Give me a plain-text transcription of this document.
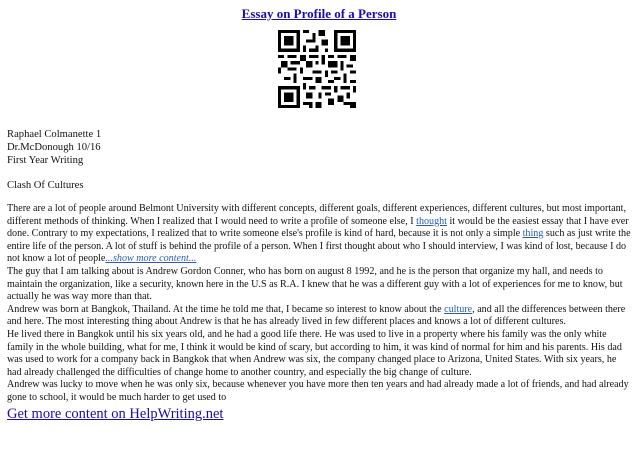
Essay on Profile of a Person
Raphael Colmanette 1
Dr.McDonough 10/16
First Year Writing
Clash Of Cultures

There are a lot of people around Belmont University with different concepts, different goals, different experiences, different cultures, but most important, different methods of thinking. When I realized that I would need to write a profile of someone else, I thought it would be the easiest essay that I have ever done. Contrary to my expectations, I realized that to write someone else's profile is kind of hard, because it is not only a simple thing such as just write the entire life of the person. A lot of stuff is behind the profile of a person. When I first thought about who I should interview, I was kind of lost, because I do not know a lot of people...show more content...

The guy that I am talking about is Andrew Gordon Conner, who has born on august 8 1992, and he is the person that organize my hall, and needs to maintain the organization, like a security, known here in the U.S as R.A. I knew that he was a different guy with a lot of experiences for me to know, but actually he was way more than that.

Andrew was born at Bangkok, Thailand. At the time he told me that, I became so interest to know about the culture, and all the differences between there and here. The most interesting thing about Andrew is that he has already lived in few different places and knows a lot of different cultures.

He lived there in Bangkok until his six years old, and he had a good life there. He was used to live in a property where his family was the only white family in the whole building, what for me, I think it would be kind of scary, but according to him, it was kind of normal for him and his parents. His dad was used to work for a company back in Bangkok that when Andrew was six, the company changed place to Arizona, United States. With six years, he had already challenged the difficulties of change home to another country, and especially the big change of culture.

Andrew was lucky to move when he was only six, because whenever you have more then ten years and had already made a lot of friends, and had already gone to school, it would be much harder to get used to

Get more content on HelpWriting.net
